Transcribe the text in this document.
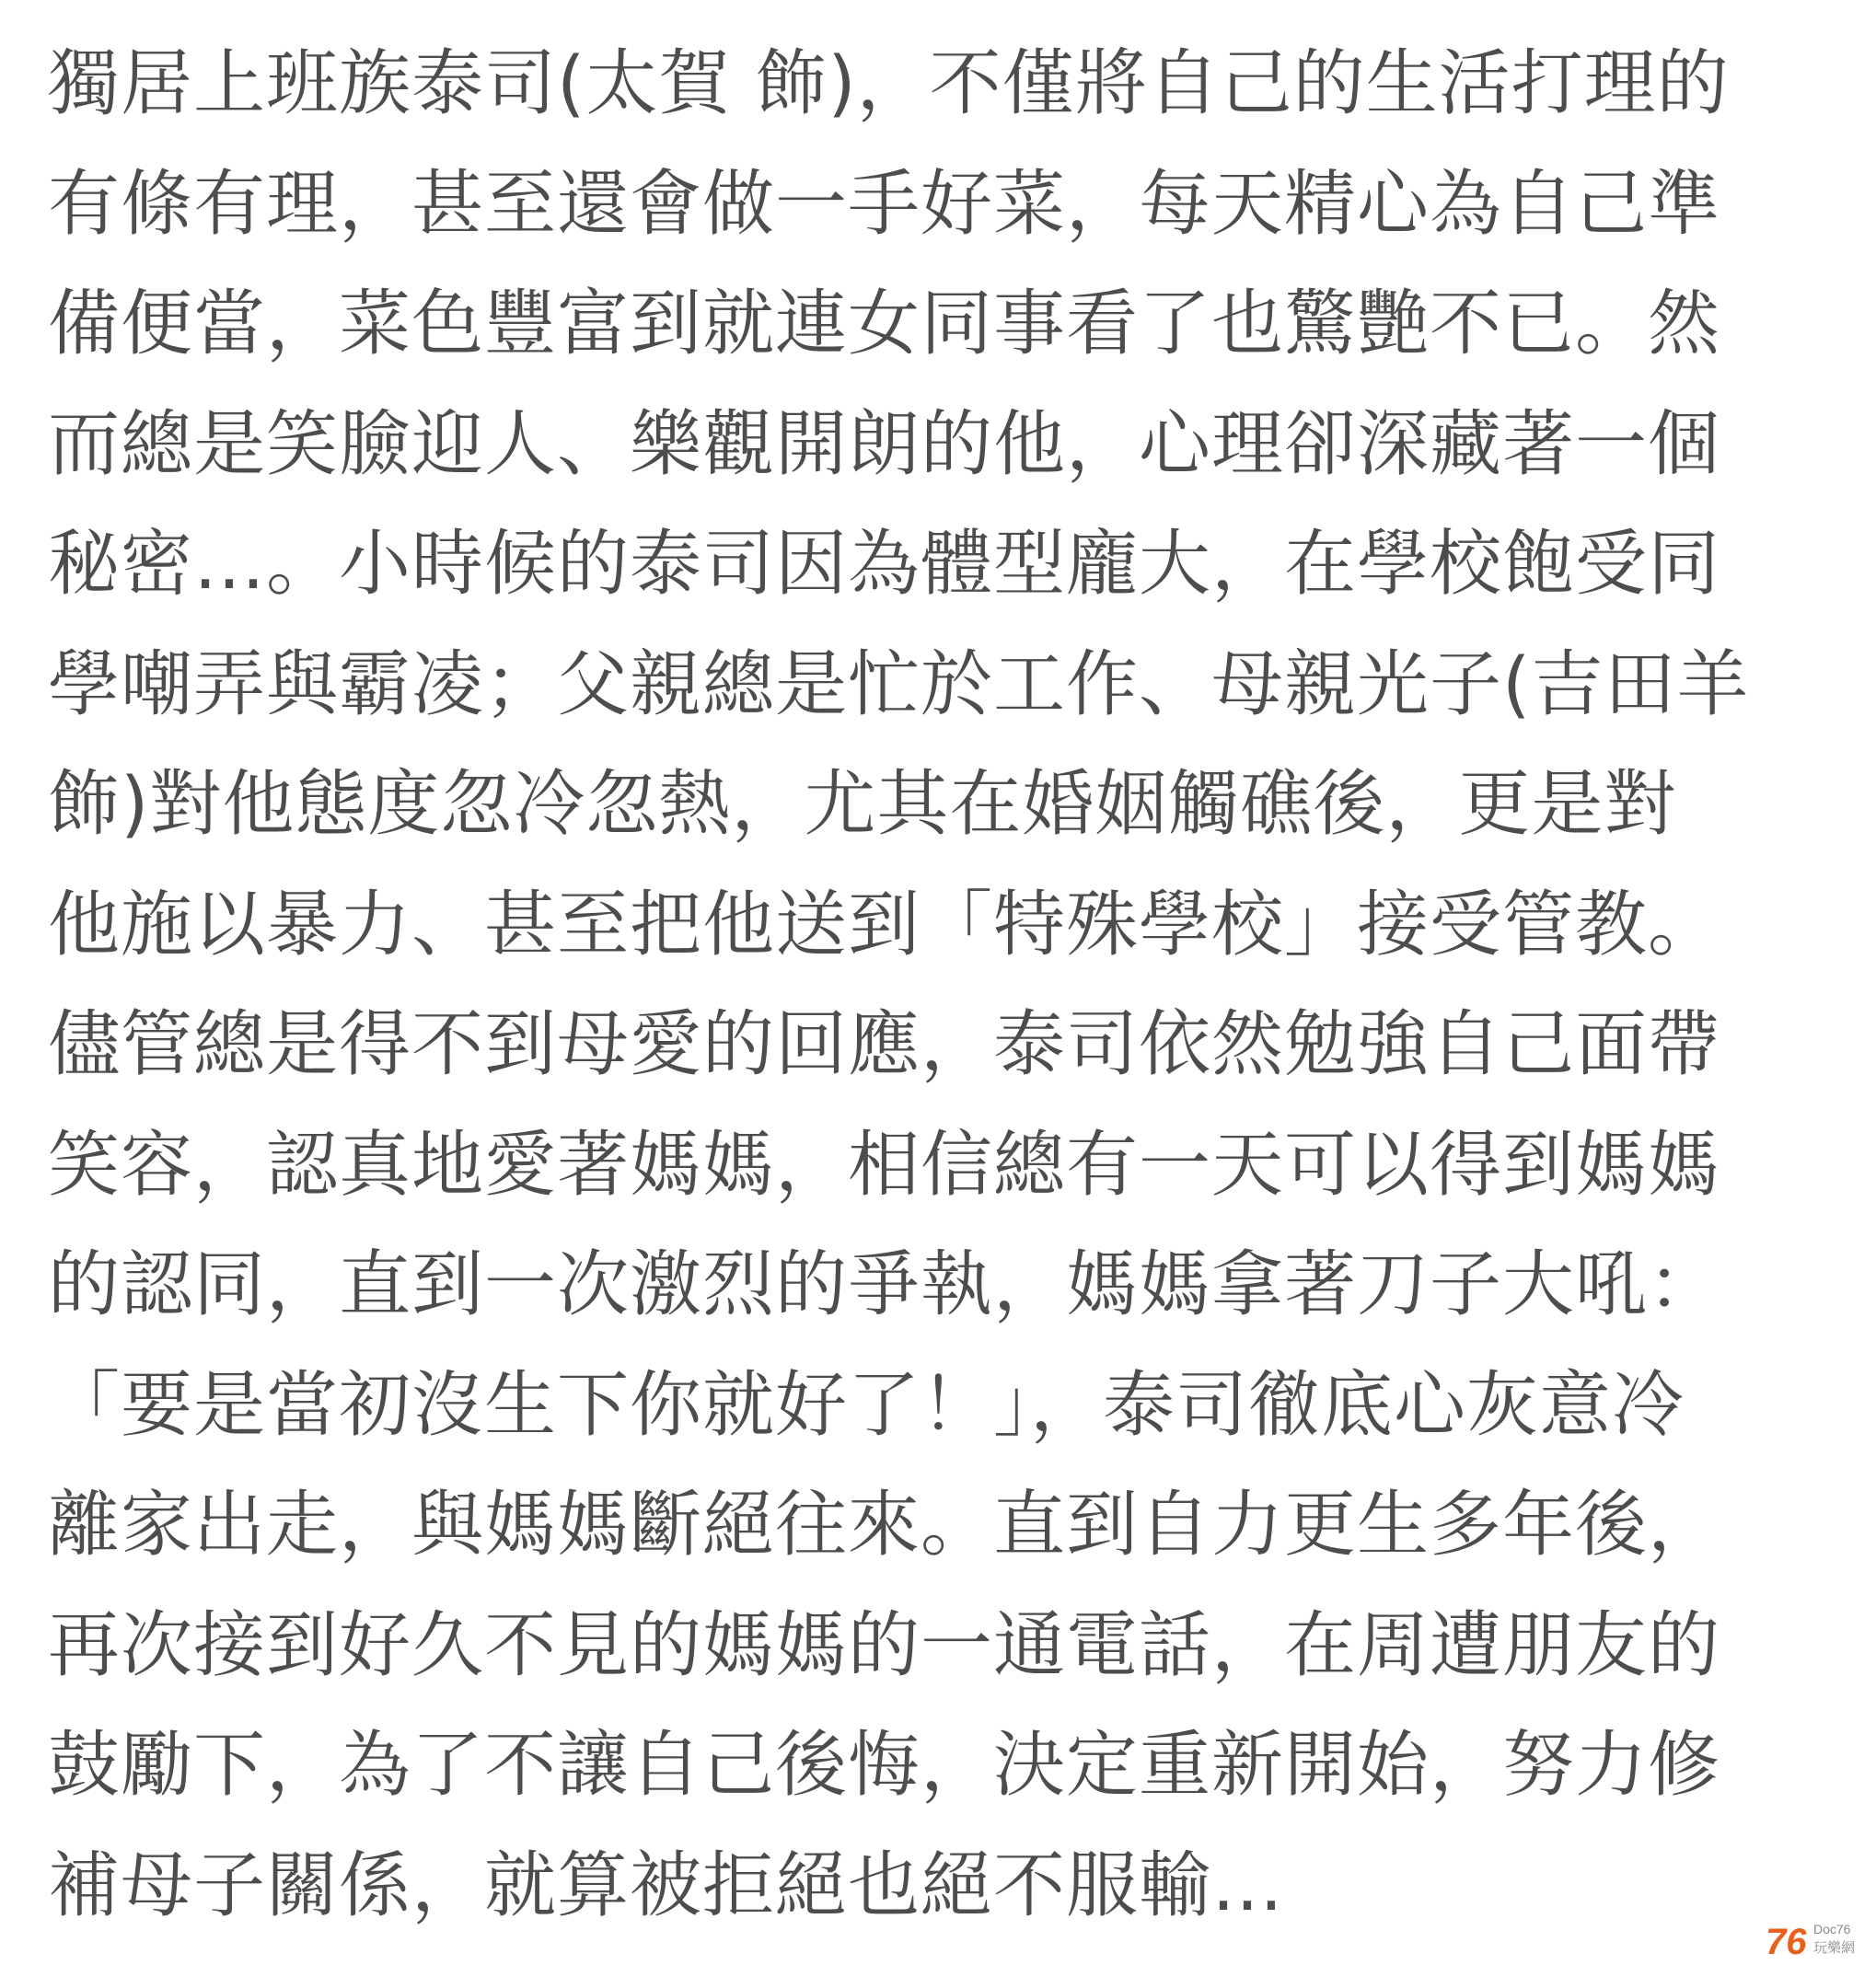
獨居上班族泰司(太賀 飾)，不僅將自己的生活打理的
有條有理，甚至還會做一手好菜，每天精心為自己準
備便當，菜色豐富到就連女同事看了也驚艷不已。然
而總是笑臉迎人、樂觀開朗的他，心理卻深藏著一個
秘密…。小時候的泰司因為體型龐大，在學校飽受同
學嘲弄與霸凌；父親總是忙於工作、母親光子(吉田羊
飾)對他態度忽冷忽熱，尤其在婚姻觸礁後，更是對
他施以暴力、甚至把他送到「特殊學校」接受管教。
儘管總是得不到母愛的回應，泰司依然勉強自己面帶
笑容，認真地愛著媽媽，相信總有一天可以得到媽媽
的認同，直到一次激烈的爭執，媽媽拿著刀子大吼：
「要是當初沒生下你就好了！」，泰司徹底心灰意冷
離家出走，與媽媽斷絕往來。直到自力更生多年後，
再次接到好久不見的媽媽的一通電話，在周遭朋友的
鼓勵下，為了不讓自己後悔，決定重新開始，努力修
補母子關係，就算被拒絕也絕不服輸…
76 Doc76
玩樂網
